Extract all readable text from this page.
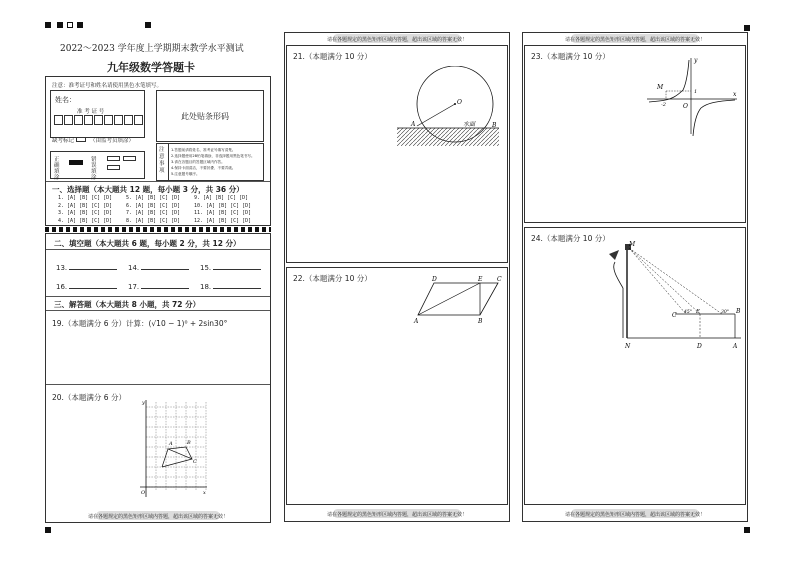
2022～2023 学年度上学期期末教学水平测试
九年级数学答题卡
注意：准考证号和姓名请使用黑色水笔填写。
姓名：
准 考 证 号	此处贴条形码
缺考标记	（由监考员填涂）
正确填涂
错误填涂
注意事项
1.答题前请将姓名、准考证号填写清楚。
2.选择题使用2B铅笔填涂，非选择题用黑色笔书写。
3.请在各题目的答题区域内作答。
4.保持卡面清洁，不要折叠、不要弄破。
5.注意题号顺序。
一、选择题（本大题共 12 题，每小题 3 分，共 36 分）
1. [A] [B] [C] [D]	5. [A] [B] [C] [D]	9. [A] [B] [C] [D]
2. [A] [B] [C] [D]	6. [A] [B] [C] [D]	10. [A] [B] [C] [D]
3. [A] [B] [C] [D]	7. [A] [B] [C] [D]	11. [A] [B] [C] [D]
4. [A] [B] [C] [D]	8. [A] [B] [C] [D]	12. [A] [B] [C] [D]
二、填空题（本大题共 6 题，每小题 2 分，共 12 分）
13.	14.	15.
16.	17.	18.
三、解答题（本大题共 8 小题，共 72 分）
19.（本题满分 6 分）计算：(√10 − 1)⁰ + 2sin30°
20.（本题满分 6 分）
y
x
O
A	B
C
请在各题规定的黑色矩形区域内答题，超出该区域的答案无效！
请在各题规定的黑色矩形区域内答题，超出该区域的答案无效！
21.（本题满分 10 分）
O
A	B
水面
22.（本题满分 10 分）	D	E C
A	B
请在各题规定的黑色矩形区域内答题，超出该区域的答案无效！
请在各题规定的黑色矩形区域内答题，超出该区域的答案无效！
23.（本题满分 10 分）
M
y
x
1
-2	O
24.（本题满分 10 分）
M
C 45° E	30° B
N	D	A
请在各题规定的黑色矩形区域内答题，超出该区域的答案无效！
